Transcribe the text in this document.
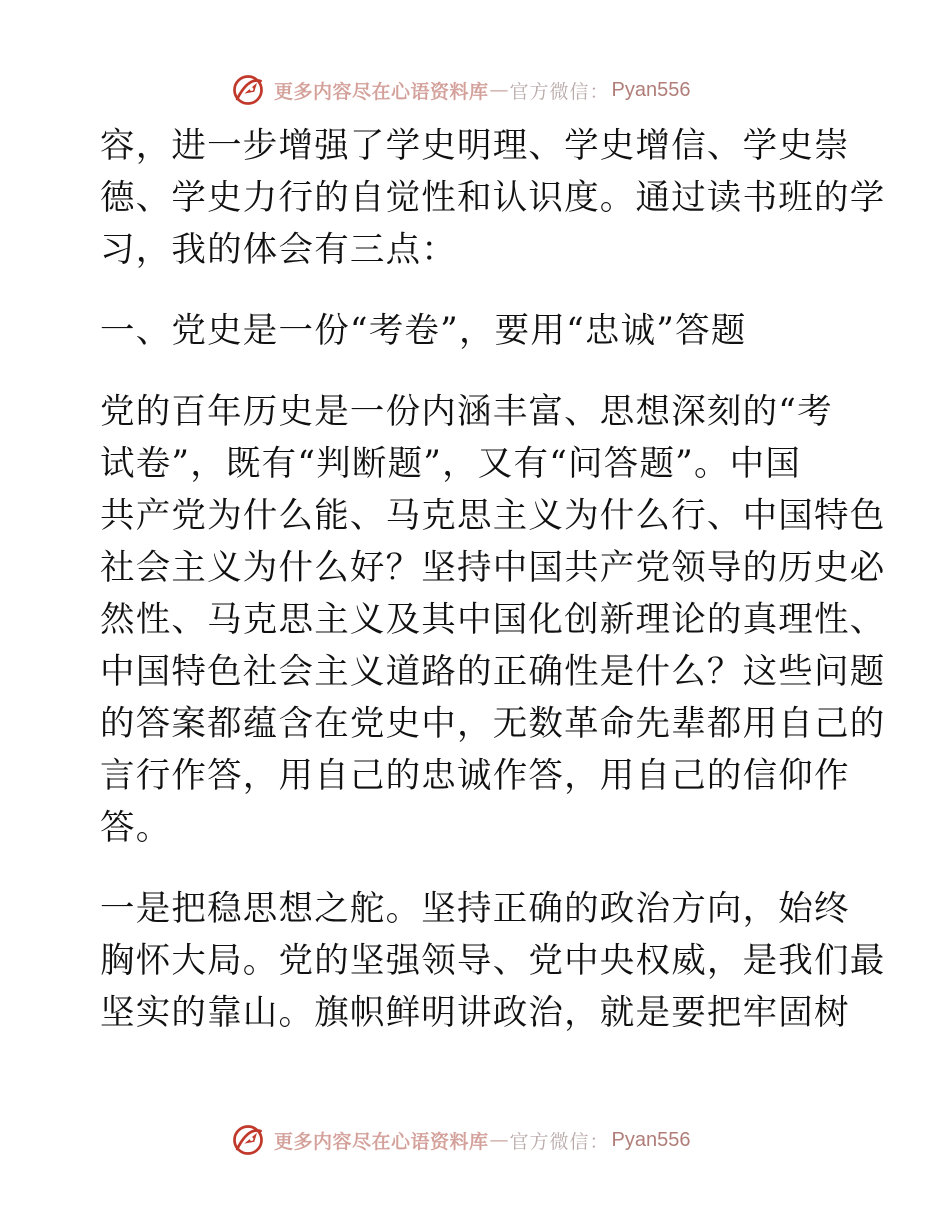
更多内容尽在心语资料库 — 官方微信： Pyan556
容，进一步增强了学史明理、学史增信、学史崇
德、学史力行的自觉性和认识度。通过读书班的学
习，我的体会有三点：
一、党史是一份“考卷”，要用“忠诚”答题
党的百年历史是一份内涵丰富、思想深刻的“考
试卷”，既有“判断题”，又有“问答题”。中国
共产党为什么能、马克思主义为什么行、中国特色
社会主义为什么好？坚持中国共产党领导的历史必
然性、马克思主义及其中国化创新理论的真理性、
中国特色社会主义道路的正确性是什么？这些问题
的答案都蕴含在党史中，无数革命先辈都用自己的
言行作答，用自己的忠诚作答，用自己的信仰作
答。
一是把稳思想之舵。坚持正确的政治方向，始终
胸怀大局。党的坚强领导、党中央权威，是我们最
坚实的靠山。旗帜鲜明讲政治，就是要把牢固树
更多内容尽在心语资料库 — 官方微信： Pyan556
